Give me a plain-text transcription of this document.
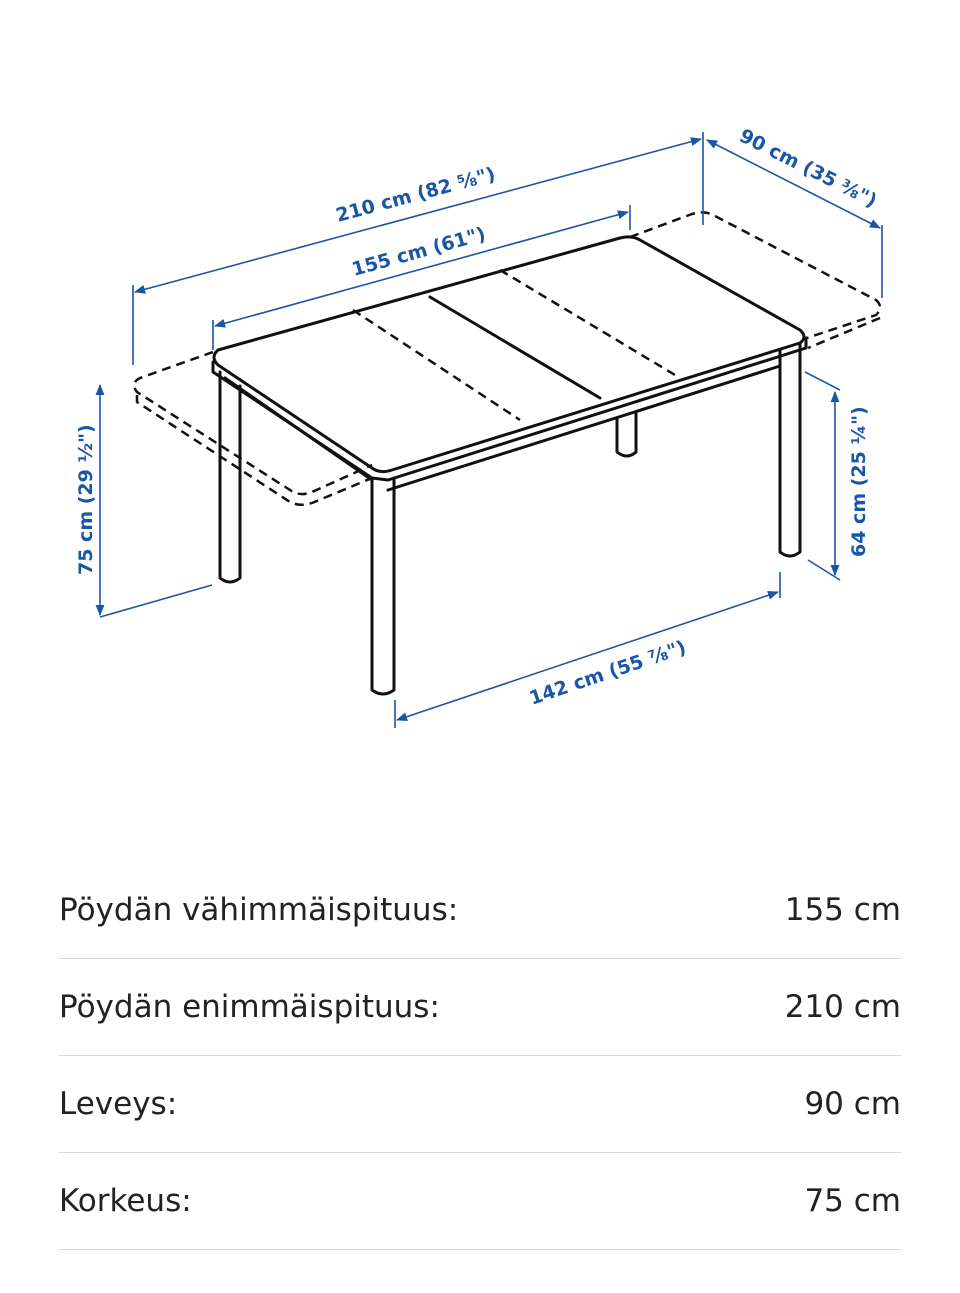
210 cm (82 ⅝")
155 cm (61")
90 cm (35 ⅜")
75 cm (29 ½")	64 cm (25 ¼")
142 cm (55 ⅞")
Pöydän vähimmäispituus:	155 cm
Pöydän enimmäispituus:	210 cm
Leveys:	90 cm
Korkeus:	75 cm
